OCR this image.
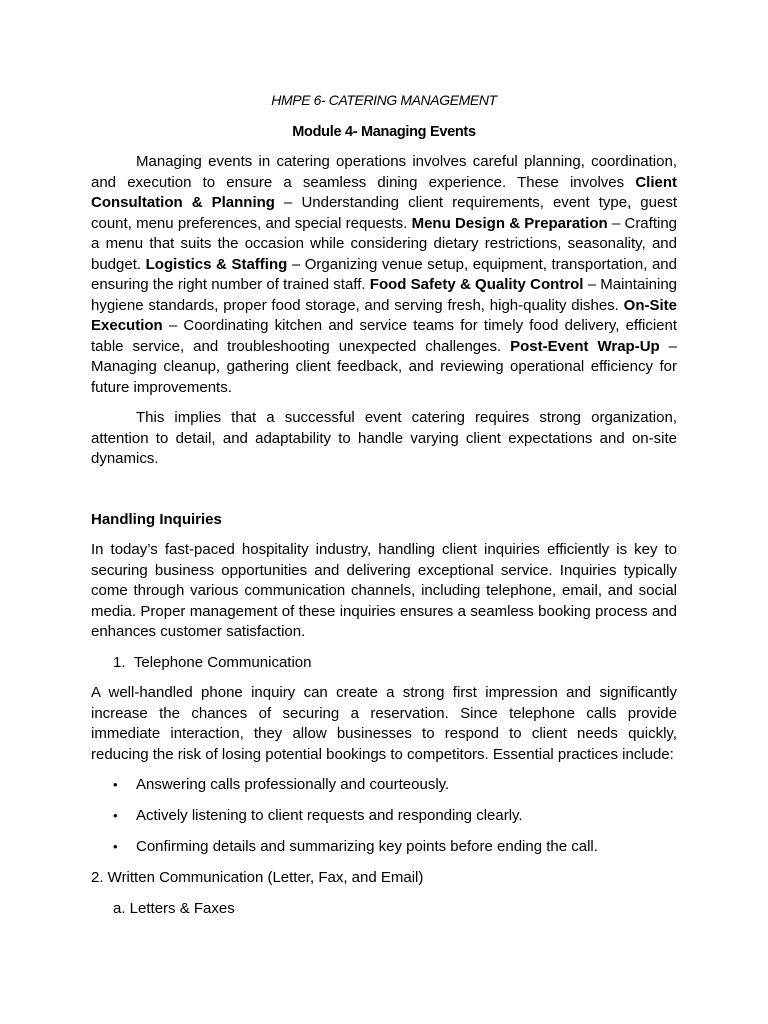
HMPE 6- CATERING MANAGEMENT

Module 4- Managing Events

Managing events in catering operations involves careful planning, coordination, and execution to ensure a seamless dining experience. These involves Client Consultation & Planning – Understanding client requirements, event type, guest count, menu preferences, and special requests. Menu Design & Preparation – Crafting a menu that suits the occasion while considering dietary restrictions, seasonality, and budget. Logistics & Staffing – Organizing venue setup, equipment, transportation, and ensuring the right number of trained staff. Food Safety & Quality Control – Maintaining hygiene standards, proper food storage, and serving fresh, high-quality dishes. On-Site Execution – Coordinating kitchen and service teams for timely food delivery, efficient table service, and troubleshooting unexpected challenges. Post-Event Wrap-Up – Managing cleanup, gathering client feedback, and reviewing operational efficiency for future improvements.

This implies that a successful event catering requires strong organization, attention to detail, and adaptability to handle varying client expectations and on-site dynamics.

Handling Inquiries

In today’s fast-paced hospitality industry, handling client inquiries efficiently is key to securing business opportunities and delivering exceptional service. Inquiries typically come through various communication channels, including telephone, email, and social media. Proper management of these inquiries ensures a seamless booking process and enhances customer satisfaction.

1. Telephone Communication

A well-handled phone inquiry can create a strong first impression and significantly increase the chances of securing a reservation. Since telephone calls provide immediate interaction, they allow businesses to respond to client needs quickly, reducing the risk of losing potential bookings to competitors. Essential practices include:

• Answering calls professionally and courteously.
• Actively listening to client requests and responding clearly.
• Confirming details and summarizing key points before ending the call.

2. Written Communication (Letter, Fax, and Email)

a. Letters & Faxes
